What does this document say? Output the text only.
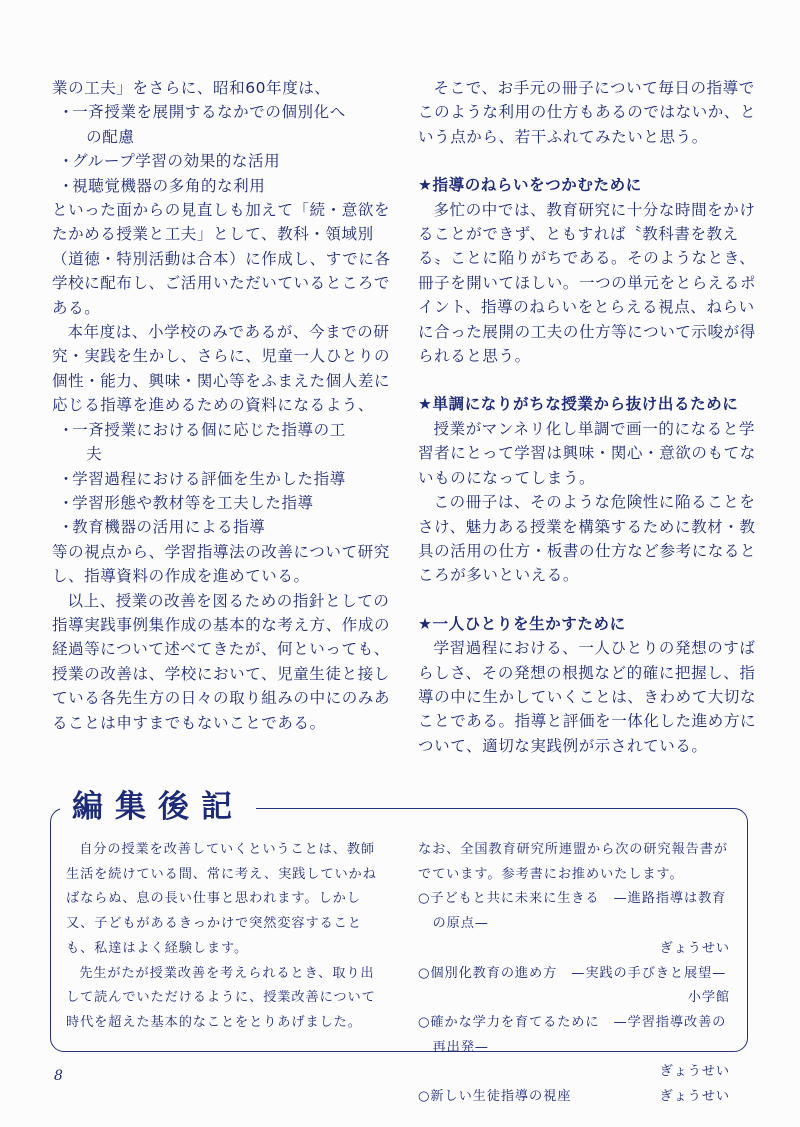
業の工夫」をさらに、昭和60年度は、

・一斉授業を展開するなかでの個別化へ

の配慮

・グループ学習の効果的な活用

・視聴覚機器の多角的な利用

といった面からの見直しも加えて「続・意欲をたかめる授業と工夫」として、教科・領域別（道徳・特別活動は合本）に作成し、すでに各学校に配布し、ご活用いただいているところである。

本年度は、小学校のみであるが、今までの研究・実践を生かし、さらに、児童一人ひとりの個性・能力、興味・関心等をふまえた個人差に応じる指導を進めるための資料になるよう、

・一斉授業における個に応じた指導の工

夫

・学習過程における評価を生かした指導

・学習形態や教材等を工夫した指導

・教育機器の活用による指導

等の視点から、学習指導法の改善について研究し、指導資料の作成を進めている。

以上、授業の改善を図るための指針としての指導実践事例集作成の基本的な考え方、作成の経過等について述べてきたが、何といっても、授業の改善は、学校において、児童生徒と接している各先生方の日々の取り組みの中にのみあることは申すまでもないことである。

そこで、お手元の冊子について毎日の指導でこのような利用の仕方もあるのではないか、という点から、若干ふれてみたいと思う。

★指導のねらいをつかむために

多忙の中では、教育研究に十分な時間をかけることができず、ともすれば〝教科書を教える〟ことに陥りがちである。そのようなとき、冊子を開いてほしい。一つの単元をとらえるポイント、指導のねらいをとらえる視点、ねらいに合った展開の工夫の仕方等について示唆が得られると思う。

★単調になりがちな授業から抜け出るために

授業がマンネリ化し単調で画一的になると学習者にとって学習は興味・関心・意欲のもてないものになってしまう。

この冊子は、そのような危険性に陥ることをさけ、魅力ある授業を構築するために教材・教具の活用の仕方・板書の仕方など参考になるところが多いといえる。

★一人ひとりを生かすために

学習過程における、一人ひとりの発想のすばらしさ、その発想の根拠など的確に把握し、指導の中に生かしていくことは、きわめて大切なことである。指導と評価を一体化した進め方について、適切な実践例が示されている。

編集後記

自分の授業を改善していくということは、教師生活を続けている間、常に考え、実践していかねばならぬ、息の長い仕事と思われます。しかし又、子どもがあるきっかけで突然変容することも、私達はよく経験します。

先生がたが授業改善を考えられるとき、取り出して読んでいただけるように、授業改善について時代を超えた基本的なことをとりあげました。

なお、全国教育研究所連盟から次の研究報告書がでています。参考書にお推めいたします。

○子どもと共に未来に生きる　—進路指導は教育の原点—
ぎょうせい
○個別化教育の進め方　—実践の手びきと展望—
小学館
○確かな学力を育てるために　—学習指導改善の再出発—
ぎょうせい
○新しい生徒指導の視座	ぎょうせい
8
